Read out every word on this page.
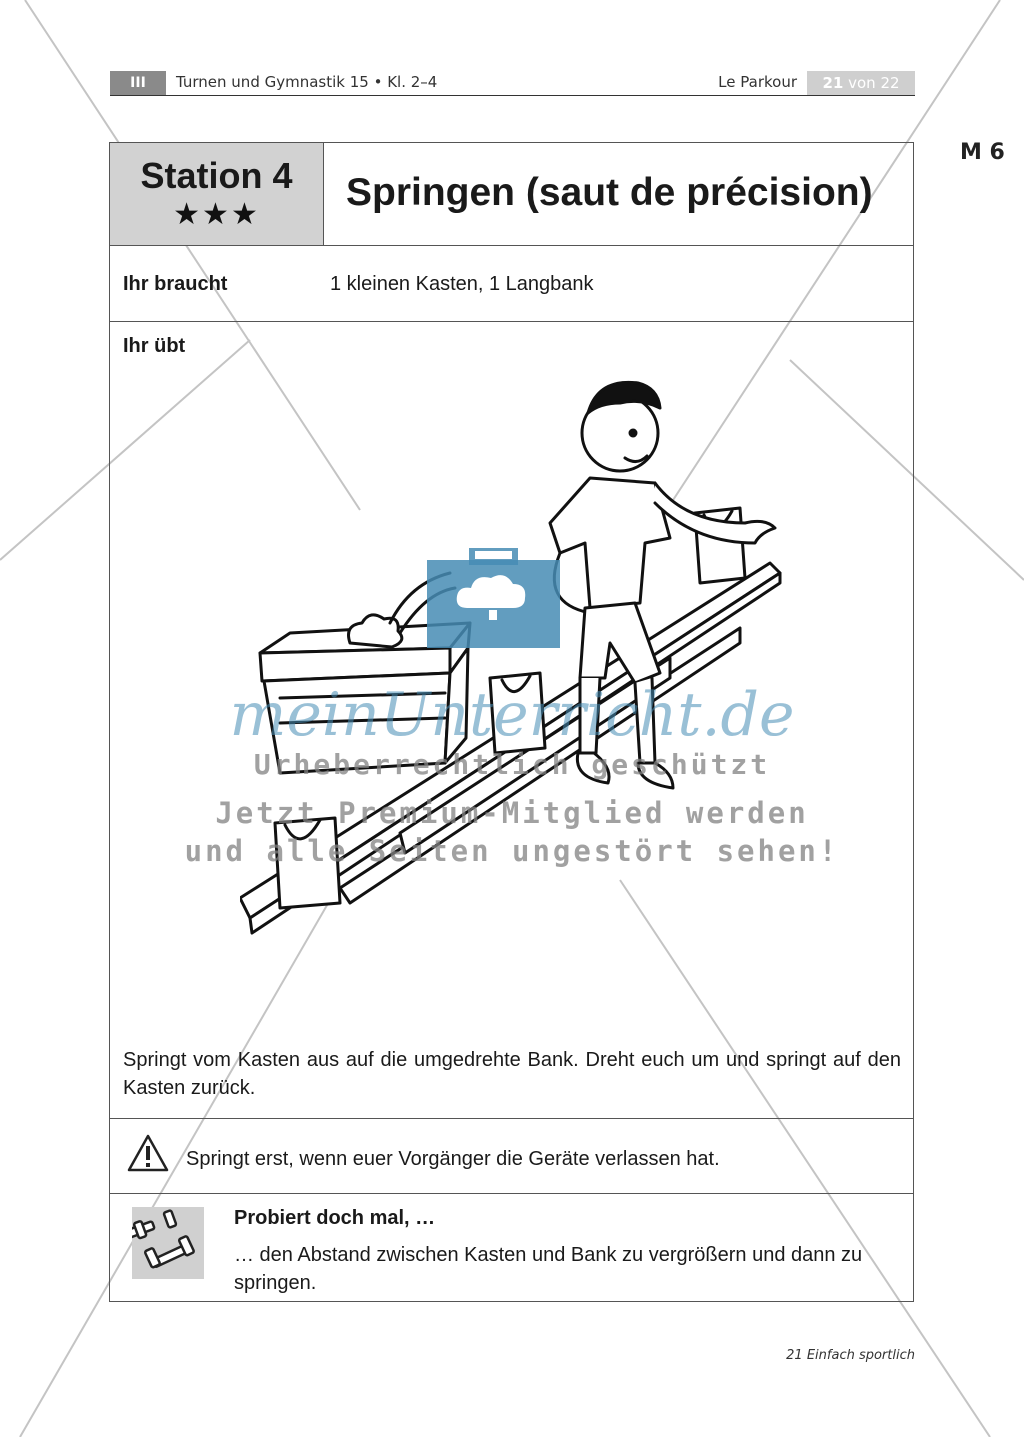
III	Turnen und Gymnastik 15 • Kl. 2–4	Le Parkour	21 von 22
M 6
Station 4
★★★
Springen (saut de précision)
Ihr braucht	1 kleinen Kasten, 1 Langbank
Ihr übt
Springt vom Kasten aus auf die umgedrehte Bank. Dreht euch um und springt auf den Kasten zurück.
Springt erst, wenn euer Vorgänger die Geräte verlassen hat.
Probiert doch mal, …
… den Abstand zwischen Kasten und Bank zu vergrößern und dann zu springen.
meinUnterricht.de
Urheberrechtlich geschützt
Jetzt Premium-Mitglied werden
und alle Seiten ungestört sehen!
21 Einfach sportlich
